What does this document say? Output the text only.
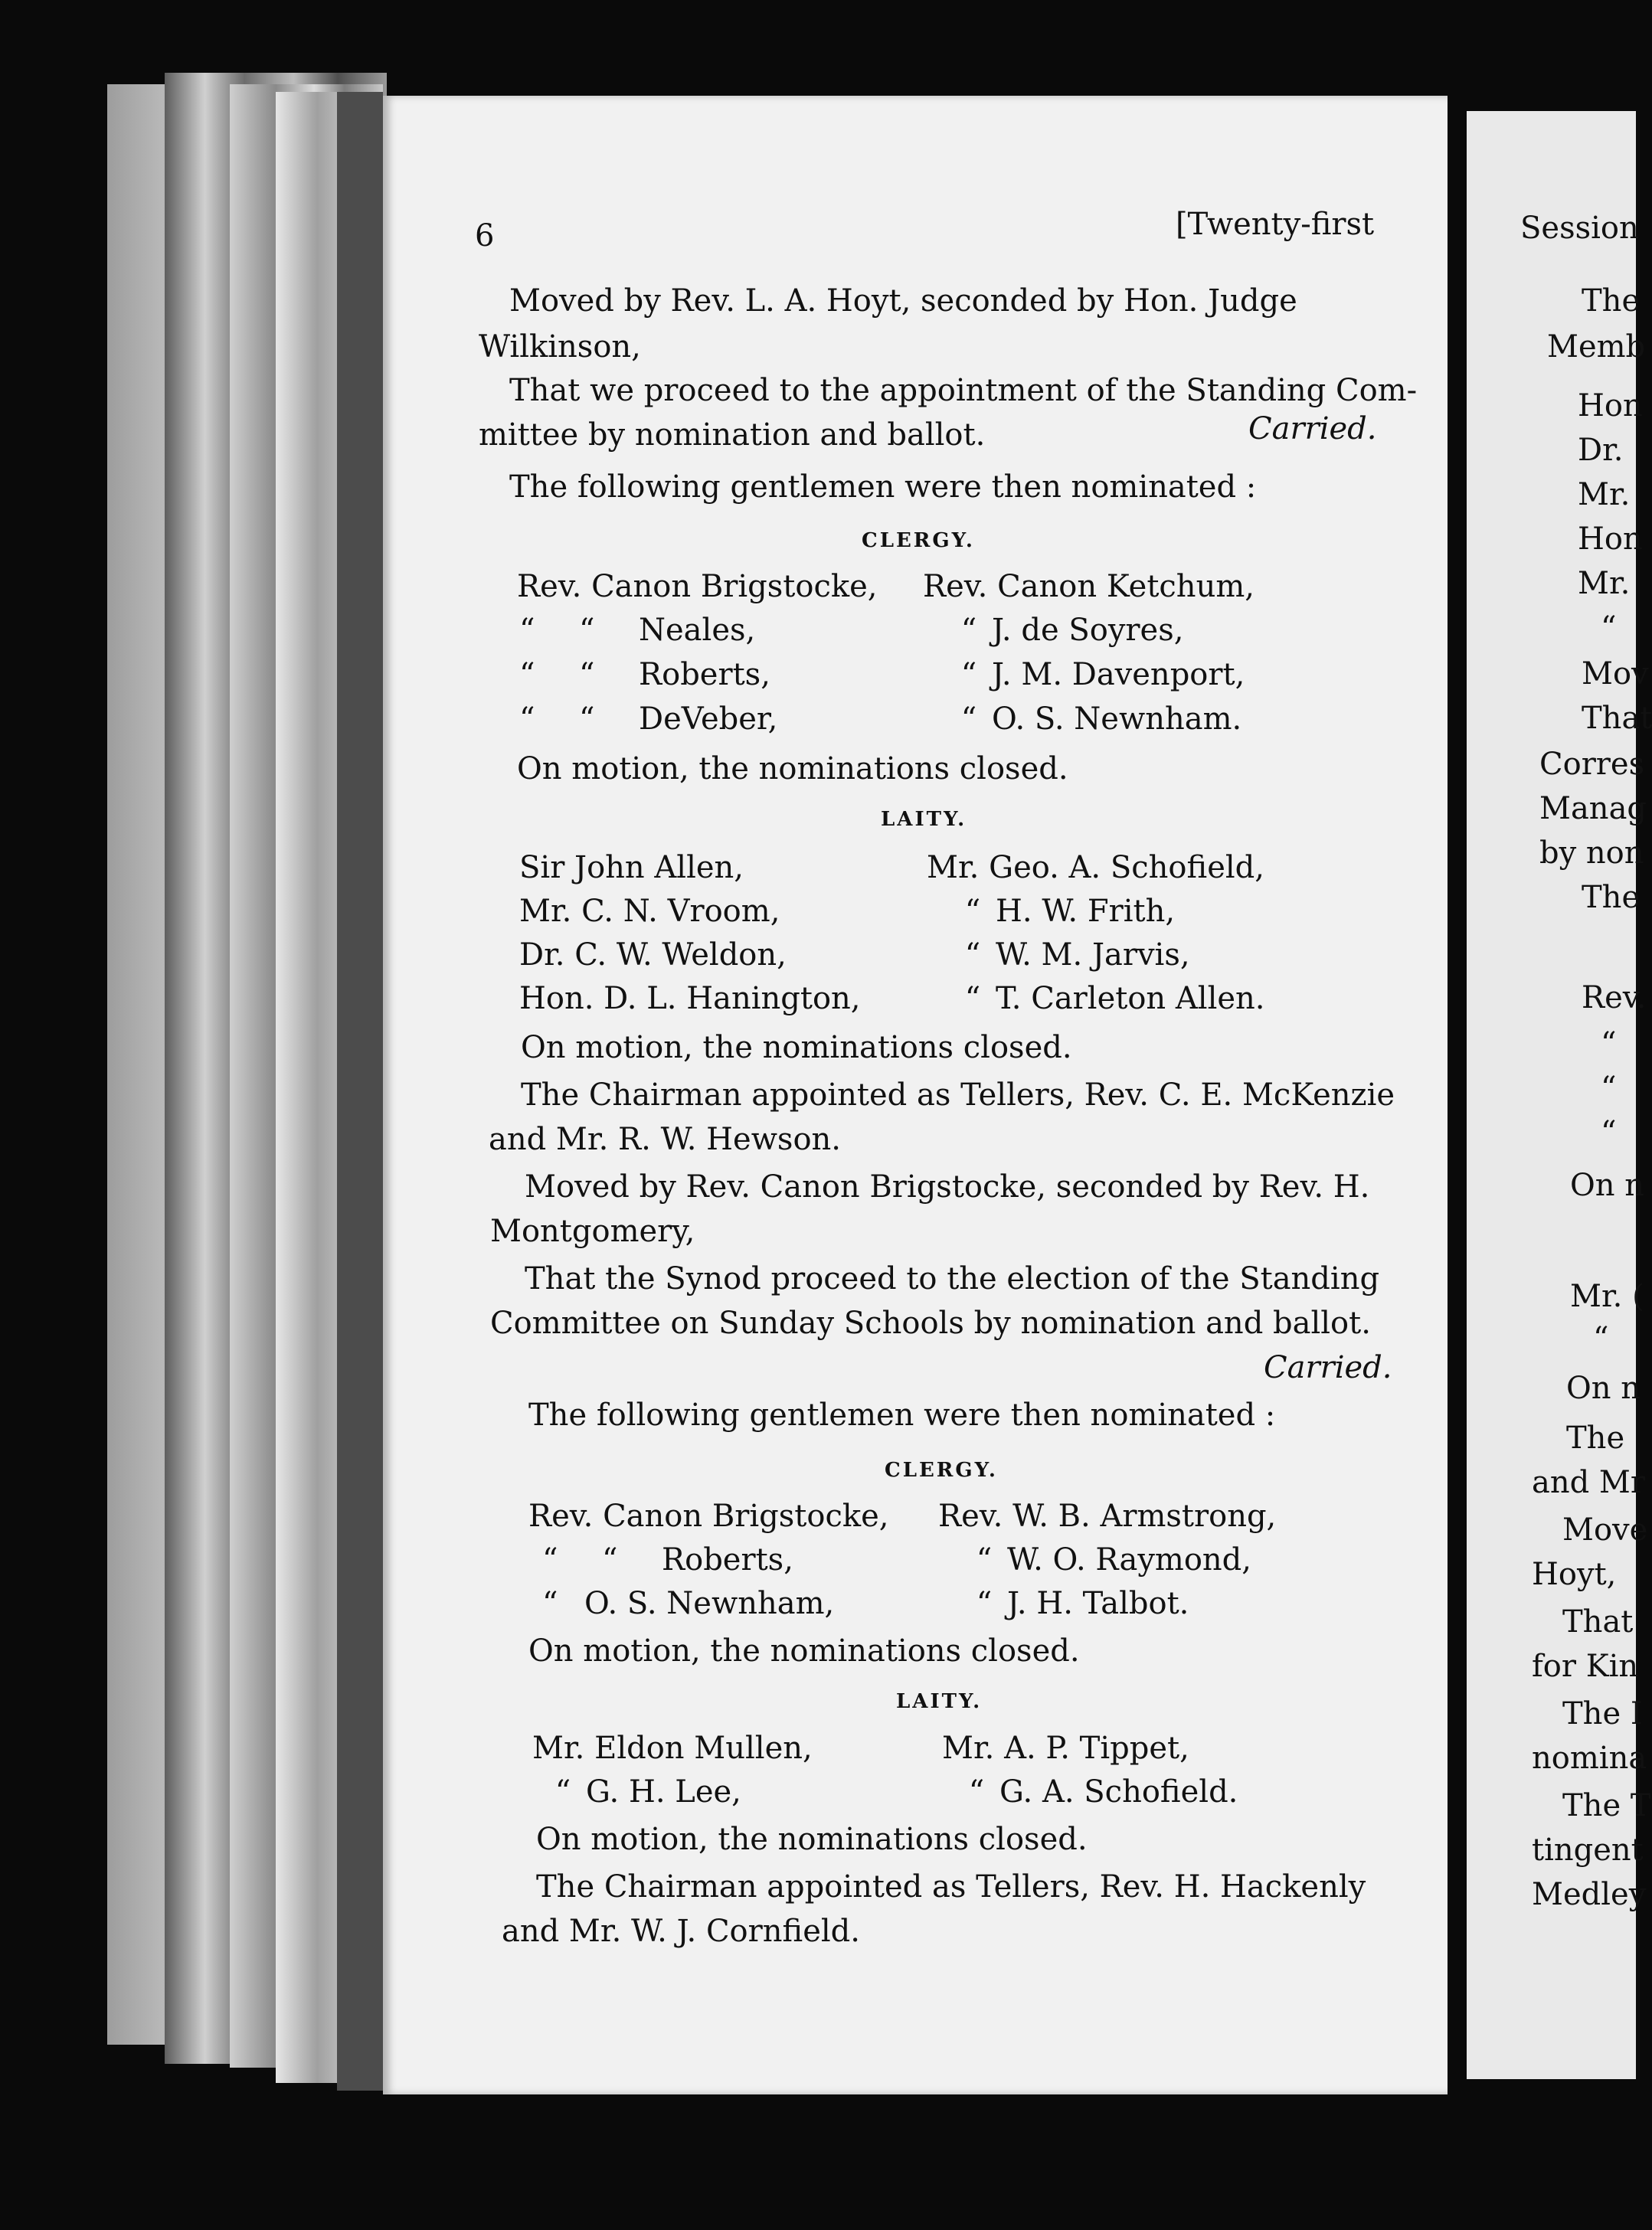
6	[Twenty-first
Moved by Rev. L. A. Hoyt, seconded by Hon. Judge
Wilkinson,
That we proceed to the appointment of the Standing Com-
mittee by nomination and ballot.	Carried.
The following gentlemen were then nominated :
CLERGY.
Rev. Canon Brigstocke,
“ “ Neales,
“ “ Roberts,
“ “ DeVeber,
Rev. Canon Ketchum,
“ J. de Soyres,
“ J. M. Davenport,
“ O. S. Newnham.
On motion, the nominations closed.
LAITY.
Sir John Allen,
Mr. C. N. Vroom,
Dr. C. W. Weldon,
Hon. D. L. Hanington,
Mr. Geo. A. Schofield,
“ H. W. Frith,
“ W. M. Jarvis,
“ T. Carleton Allen.
On motion, the nominations closed.
The Chairman appointed as Tellers, Rev. C. E. McKenzie
and Mr. R. W. Hewson.
Moved by Rev. Canon Brigstocke, seconded by Rev. H.
Montgomery,
That the Synod proceed to the election of the Standing
Committee on Sunday Schools by nomination and ballot.
Carried.
The following gentlemen were then nominated :
CLERGY.
Rev. Canon Brigstocke,
“ “ Roberts,
“ O. S. Newnham,
Rev. W. B. Armstrong,
“ W. O. Raymond,
“ J. H. Talbot.
On motion, the nominations closed.
LAITY.
Mr. Eldon Mullen,
“ G. H. Lee,
Mr. A. P. Tippet,
“ G. A. Schofield.
On motion, the nominations closed.
The Chairman appointed as Tellers, Rev. H. Hackenly
and Mr. W. J. Cornfield.
Session
The
Memb
Hon
Dr.
Mr.
Hon
Mr.
“
Mov
That
Corres
Manag
by non
The
Rev.
“
“
“
On n
Mr. (
“
On n
The
and Mr
Move
Hoyt,
That
for Kin
The I
nomina
The T
tingent
Medley
